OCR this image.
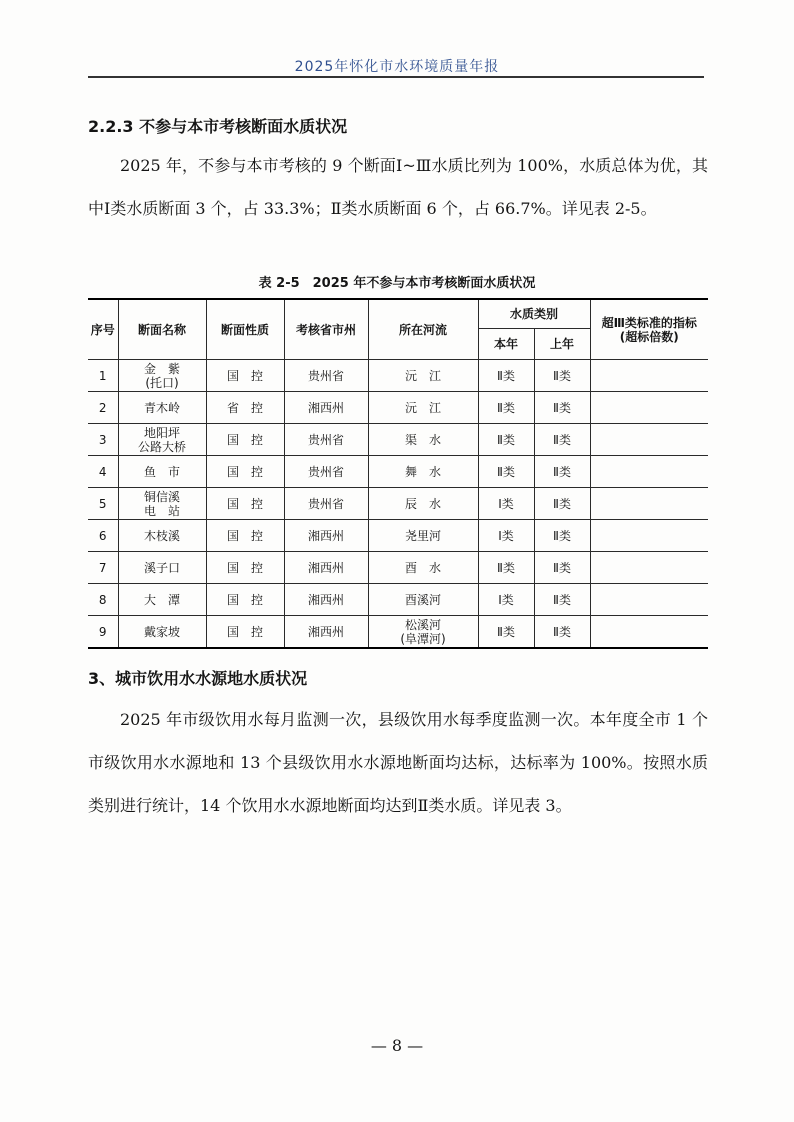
2025年怀化市水环境质量年报
2.2.3 不参与本市考核断面水质状况

2025 年，不参与本市考核的 9 个断面Ⅰ~Ⅲ水质比列为 100%，水质总体为优，其中Ⅰ类水质断面 3 个，占 33.3%；Ⅱ类水质断面 6 个，占 66.7%。详见表 2-5。

表 2-5　2025 年不参与本市考核断面水质状况
序号	断面名称	断面性质	考核省市州	所在河流	水质类别		超Ⅲ类标准的指标
(超标倍数)

					本年	上年	
1	金　紫
(托口)	国　控	贵州省	沅　江	Ⅱ类	Ⅱ类	
2	青木岭	省　控	湘西州	沅　江	Ⅱ类	Ⅱ类	
3	地阳坪
公路大桥	国　控	贵州省	渠　水	Ⅱ类	Ⅱ类	
4	鱼　市	国　控	贵州省	舞　水	Ⅱ类	Ⅱ类	
5	铜信溪
电　站	国　控	贵州省	辰　水	Ⅰ类	Ⅱ类	
6	木枝溪	国　控	湘西州	尧里河	Ⅰ类	Ⅱ类	
7	溪子口	国　控	湘西州	酉　水	Ⅱ类	Ⅱ类	
8	大　潭	国　控	湘西州	酉溪河	Ⅰ类	Ⅱ类	
9	戴家坡	国　控	湘西州	松溪河
(阜潭河)	Ⅱ类	Ⅱ类	
3、城市饮用水水源地水质状况

2025 年市级饮用水每月监测一次，县级饮用水每季度监测一次。本年度全市 1 个市级饮用水水源地和 13 个县级饮用水水源地断面均达标，达标率为 100%。按照水质类别进行统计，14 个饮用水水源地断面均达到Ⅱ类水质。详见表 3。

— 8 —
